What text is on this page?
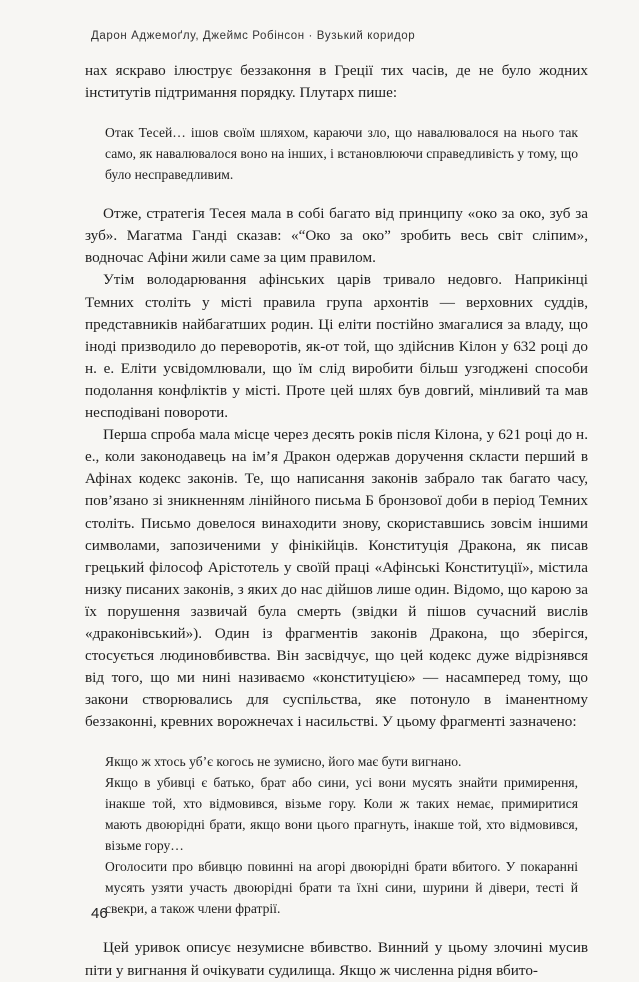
Дарон Аджемоґлу, Джеймс Робінсон · Вузький коридор

нах яскраво ілюструє беззаконня в Греції тих часів, де не було жодних інститутів підтримання порядку. Плутарх пише:

Отак Тесей… ішов своїм шляхом, караючи зло, що навалювалося на нього так само, як навалювалося воно на інших, і встановлюючи справедливість у тому, що було несправедливим.

Отже, стратегія Тесея мала в собі багато від принципу «око за око, зуб за зуб». Магатма Ганді сказав: «“Око за око” зробить весь світ сліпим», водночас Афіни жили саме за цим правилом.

Утім володарювання афінських царів тривало недовго. Наприкінці Темних століть у місті правила група архонтів — верховних суддів, представників найбагатших родин. Ці еліти постійно змагалися за владу, що іноді призводило до переворотів, як-от той, що здійснив Кілон у 632 році до н. е. Еліти усвідомлювали, що їм слід виробити більш узгоджені способи подолання конфліктів у місті. Проте цей шлях був довгий, мінливий та мав несподівані повороти.

Перша спроба мала місце через десять років після Кілона, у 621 році до н. е., коли законодавець на ім’я Дракон одержав доручення скласти перший в Афінах кодекс законів. Те, що написання законів забрало так багато часу, пов’язано зі зникненням лінійного письма Б бронзової доби в період Темних століть. Письмо довелося винаходити знову, скориставшись зовсім іншими символами, запозиченими у фінікійців. Конституція Дракона, як писав грецький філософ Арістотель у своїй праці «Афінські Конституції», містила низку писаних законів, з яких до нас дійшов лише один. Відомо, що карою за їх порушення зазвичай була смерть (звідки й пішов сучасний вислів «драконівський»). Один із фрагментів законів Дракона, що зберігся, стосується людиновбивства. Він засвідчує, що цей кодекс дуже відрізнявся від того, що ми нині називаємо «конституцією» — насамперед тому, що закони створювались для суспільства, яке потонуло в іманентному беззаконні, кревних ворожнечах і насильстві. У цьому фрагменті зазначено:

Якщо ж хтось уб’є когось не зумисно, його має бути вигнано.

Якщо в убивці є батько, брат або сини, усі вони мусять знайти примирення, інакше той, хто відмовився, візьме гору. Коли ж таких немає, примиритися мають двоюрідні брати, якщо вони цього прагнуть, інакше той, хто відмовився, візьме гору…

Оголосити про вбивцю повинні на агорі двоюрідні брати вбитого. У покаранні мусять узяти участь двоюрідні брати та їхні сини, шурини й дівери, тесті й свекри, а також члени фратрії.

Цей уривок описує незумисне вбивство. Винний у цьому злочині мусив піти у вигнання й очікувати судилища. Якщо ж численна рідня вбито-

46
